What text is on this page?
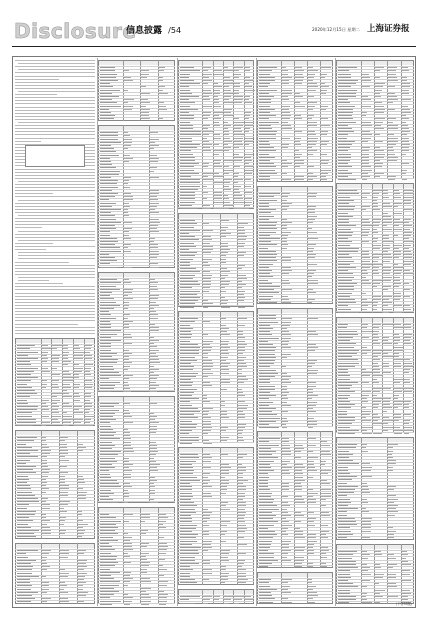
Disclosure
信息披露 /54	2020年12月15日 星期二 上海证券报
(下转55版)
